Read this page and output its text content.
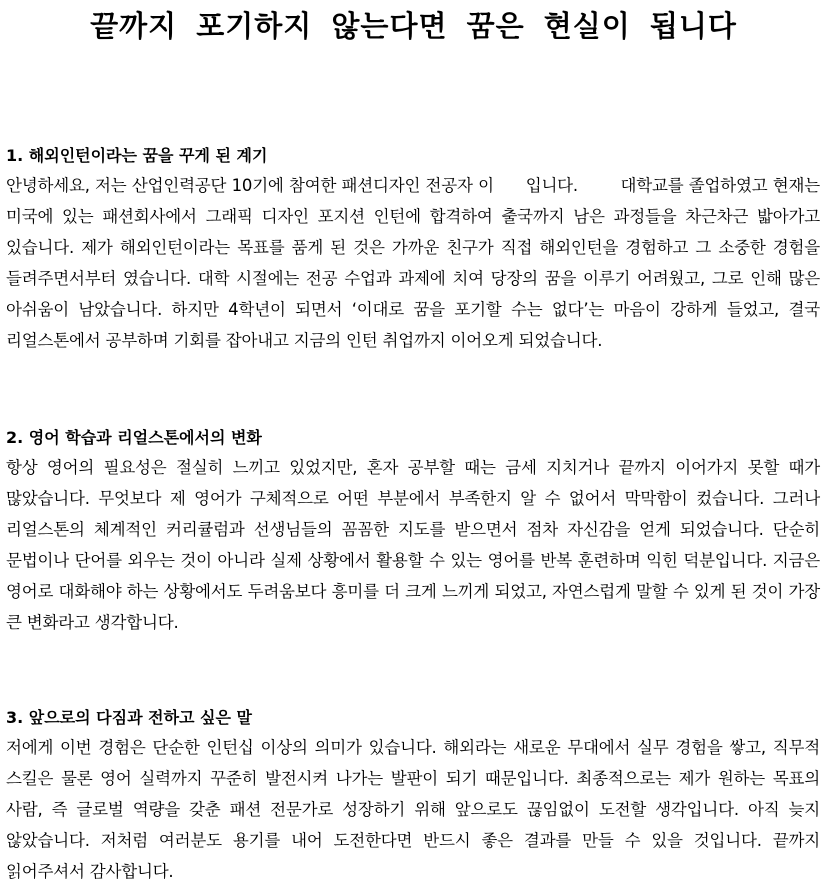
끝까지 포기하지 않는다면 꿈은 현실이 됩니다
1. 해외인턴이라는 꿈을 꾸게 된 계기

안녕하세요, 저는 산업인력공단 10기에 참여한 패션디자인 전공자 이      입니다.        대학교를 졸업하였고 현재는 미국에 있는 패션회사에서 그래픽 디자인 포지션 인턴에 합격하여 출국까지 남은 과정들을 차근차근 밟아가고 있습니다. 제가 해외인턴이라는 목표를 품게 된 것은 가까운 친구가 직접 해외인턴을 경험하고 그 소중한 경험을 들려주면서부터 였습니다. 대학 시절에는 전공 수업과 과제에 치여 당장의 꿈을 이루기 어려웠고, 그로 인해 많은 아쉬움이 남았습니다. 하지만 4학년이 되면서 ‘이대로 꿈을 포기할 수는 없다’는 마음이 강하게 들었고, 결국 리얼스톤에서 공부하며 기회를 잡아내고 지금의 인턴 취업까지 이어오게 되었습니다.

2. 영어 학습과 리얼스톤에서의 변화

항상 영어의 필요성은 절실히 느끼고 있었지만, 혼자 공부할 때는 금세 지치거나 끝까지 이어가지 못할 때가 많았습니다. 무엇보다 제 영어가 구체적으로 어떤 부분에서 부족한지 알 수 없어서 막막함이 컸습니다. 그러나 리얼스톤의 체계적인 커리큘럼과 선생님들의 꼼꼼한 지도를 받으면서 점차 자신감을 얻게 되었습니다. 단순히 문법이나 단어를 외우는 것이 아니라 실제 상황에서 활용할 수 있는 영어를 반복 훈련하며 익힌 덕분입니다. 지금은 영어로 대화해야 하는 상황에서도 두려움보다 흥미를 더 크게 느끼게 되었고, 자연스럽게 말할 수 있게 된 것이 가장 큰 변화라고 생각합니다.

3. 앞으로의 다짐과 전하고 싶은 말

저에게 이번 경험은 단순한 인턴십 이상의 의미가 있습니다. 해외라는 새로운 무대에서 실무 경험을 쌓고, 직무적 스킬은 물론 영어 실력까지 꾸준히 발전시켜 나가는 발판이 되기 때문입니다. 최종적으로는 제가 원하는 목표의 사람, 즉 글로벌 역량을 갖춘 패션 전문가로 성장하기 위해 앞으로도 끊임없이 도전할 생각입니다. 아직 늦지 않았습니다. 저처럼 여러분도 용기를 내어 도전한다면 반드시 좋은 결과를 만들 수 있을 것입니다. 끝까지 읽어주셔서 감사합니다.
